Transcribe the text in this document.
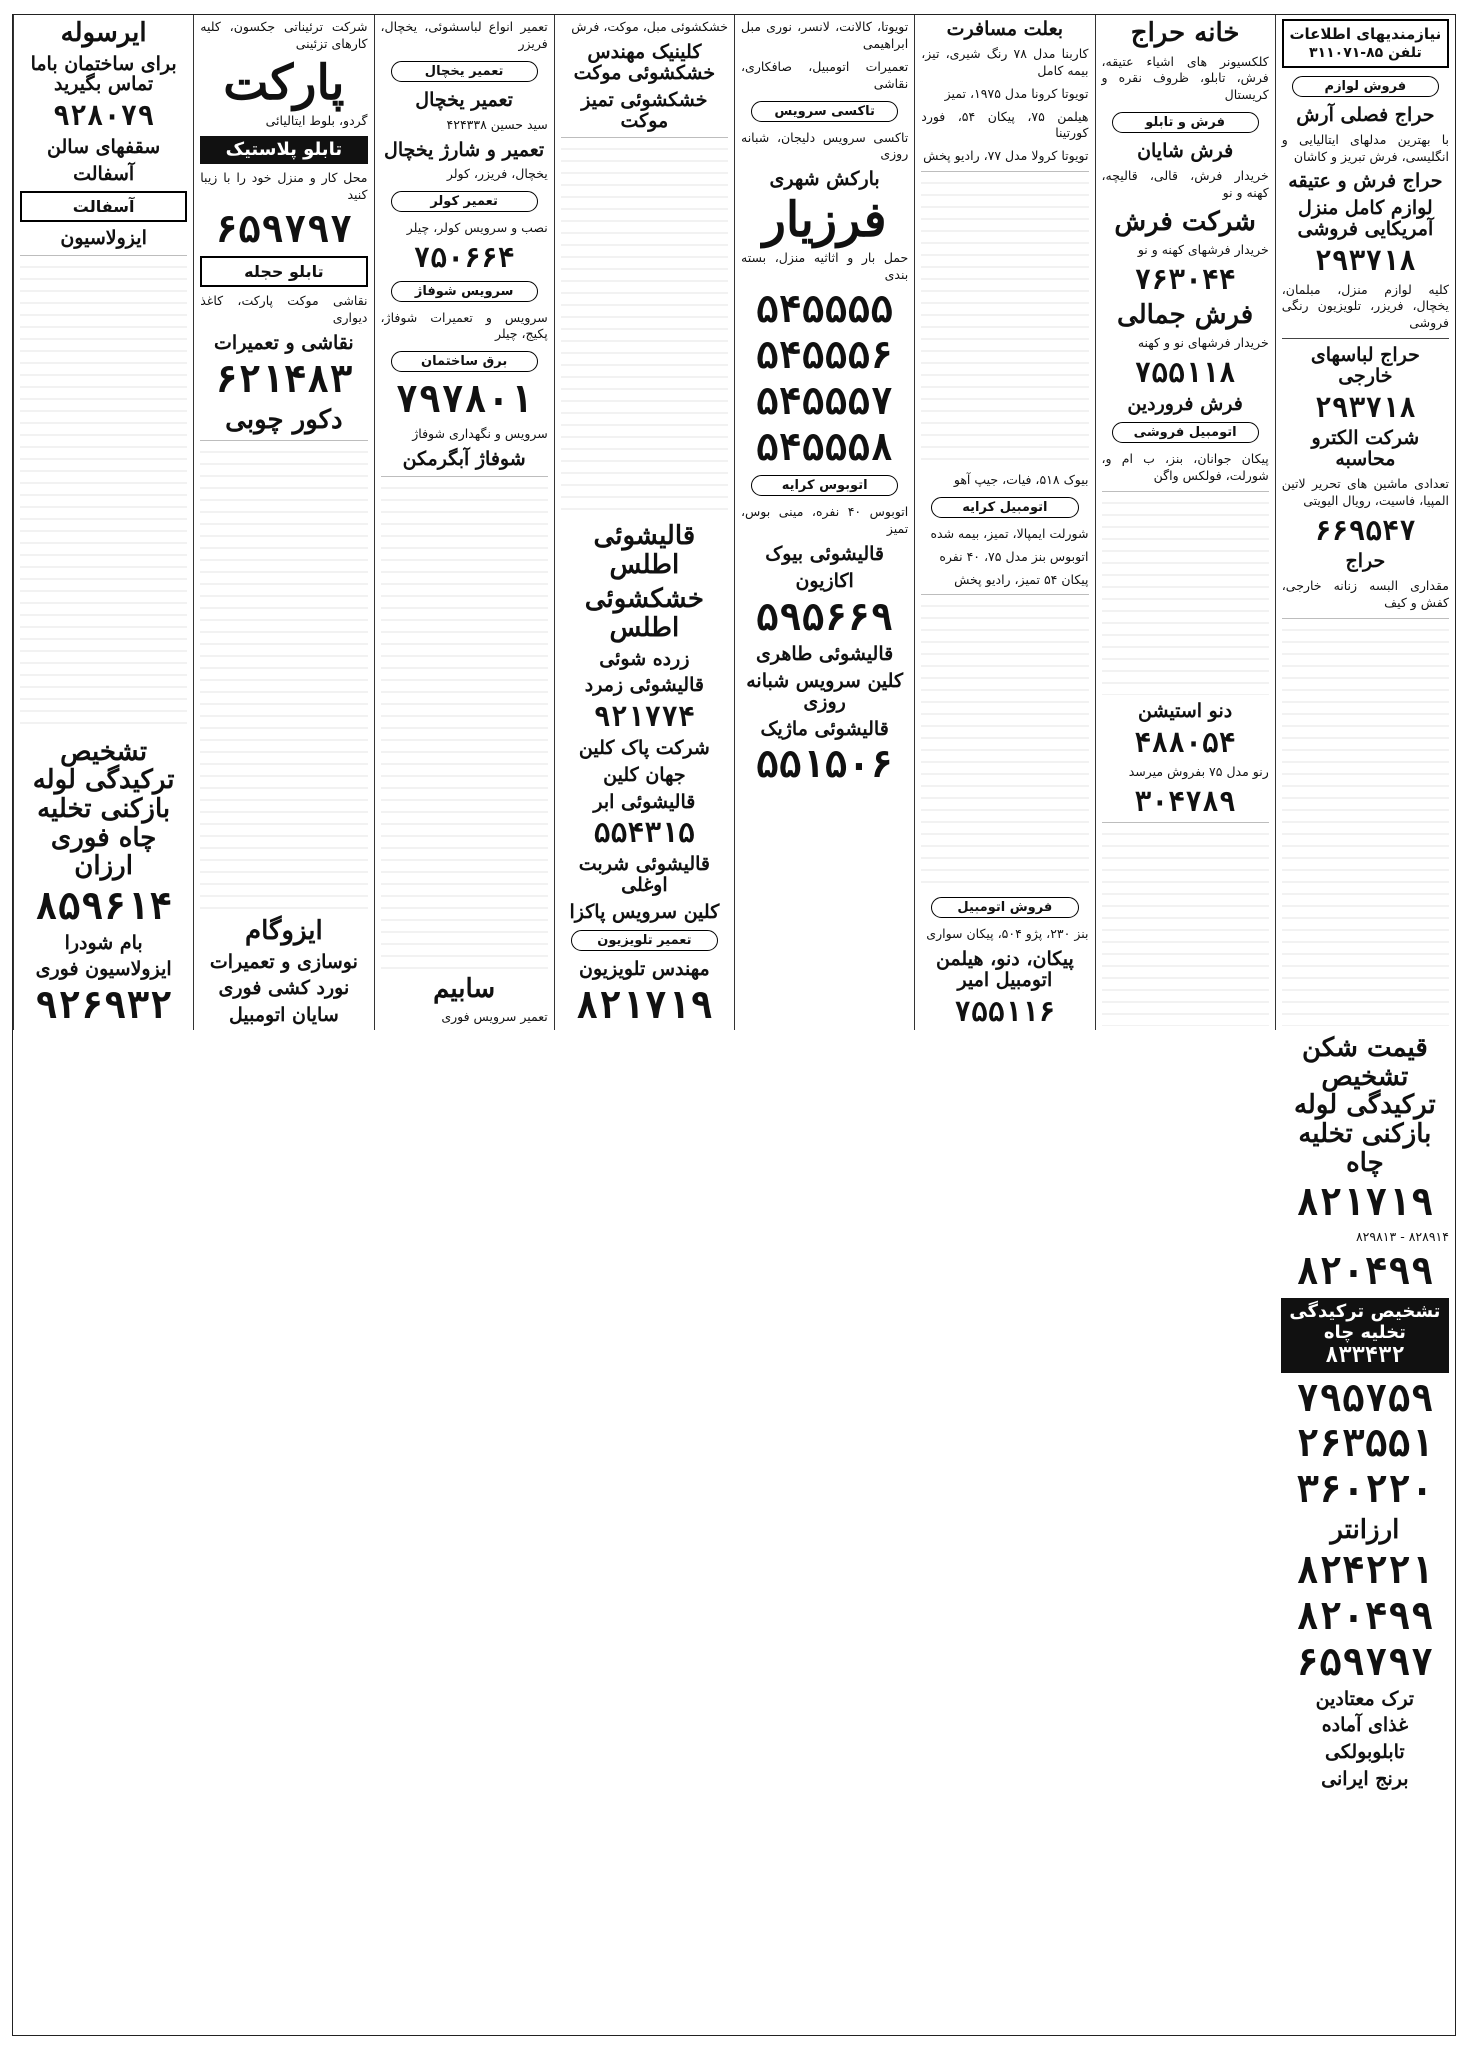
نیازمندیهای اطلاعات
تلفن ۸۵-۳۱۱۰۷۱
فروش لوازم
حراج فصلی آرش
با بهترین مدلهای ایتالیایی و انگلیسی، فرش تبریز و کاشان
حراج فرش و عتیقه
لوازم کامل منزل آمریکایی فروشی
۲۹۳۷۱۸
کلیه لوازم منزل، مبلمان، یخچال، فریزر، تلویزیون رنگی فروشی
حراج لباسهای خارجی
۲۹۳۷۱۸
شرکت الکترو محاسبه
تعدادی ماشین های تحریر لاتین المپیا، فاسیت، رویال الیویتی
۶۶۹۵۴۷
حراج
مقداری البسه زنانه خارجی، کفش و کیف
خانه حراج
کلکسیونر های اشیاء عتیقه، فرش، تابلو، ظروف نقره و کریستال
فرش و تابلو
فرش شایان
خریدار فرش، قالی، قالیچه، کهنه و نو
شرکت فرش
خریدار فرشهای کهنه و نو
۷۶۳۰۴۴
فرش جمالی
خریدار فرشهای نو و کهنه
۷۵۵۱۱۸
فرش فروردین
اتومبیل فروشی
پیکان جوانان، بنز، ب ام و، شورلت، فولکس واگن
دنو استیشن
۴۸۸۰۵۴
رنو مدل ۷۵ بفروش میرسد
۳۰۴۷۸۹
بعلت مسافرت
کاربنا مدل ۷۸ رنگ شیری، تیز، بیمه کامل
تویوتا کرونا مدل ۱۹۷۵، تمیز
هیلمن ۷۵، پیکان ۵۴، فورد کورتینا
تویوتا کرولا مدل ۷۷، رادیو پخش
بیوک ۵۱۸، فیات، جیپ آهو
اتومبیل کرایه
شورلت ایمپالا، تمیز، بیمه شده
اتوبوس بنز مدل ۷۵، ۴۰ نفره
پیکان ۵۴ تمیز، رادیو پخش
فروش اتومبیل
بنز ۲۳۰، پژو ۵۰۴، پیکان سواری
پیکان، دنو، هیلمن اتومبیل امیر
۷۵۵۱۱۶
تویوتا، کالانت، لانسر، نوری مبل ابراهیمی
تعمیرات اتومبیل، صافکاری، نقاشی
تاکسی سرویس
تاکسی سرویس دلیجان، شبانه روزی
بارکش شهری
فرزیار
حمل بار و اثاثیه منزل، بسته بندی
۵۴۵۵۵۵
۵۴۵۵۵۶
۵۴۵۵۵۷
۵۴۵۵۵۸
اتوبوس کرایه
اتوبوس ۴۰ نفره، مینی بوس، تمیز
قالیشوئی بیوک
اکازیون
۵۹۵۶۶۹
قالیشوئی طاهری
کلین سرویس شبانه روزی
قالیشوئی ماژیک
۵۵۱۵۰۶
خشکشوئی مبل، موکت، فرش
کلینیک مهندس خشکشوئی موکت
خشکشوئی تمیز موکت
قالیشوئی اطلس
خشکشوئی اطلس
زرده شوئی
قالیشوئی زمرد
۹۲۱۷۷۴
شرکت پاک کلین
جهان کلین
قالیشوئی ابر
۵۵۴۳۱۵
قالیشوئی شربت اوغلی
کلین سرویس پاکزا
تعمیر تلویزیون
مهندس تلویزیون
۸۲۱۷۱۹
تعمیر انواع لباسشوئی، یخچال، فریزر
تعمیر یخچال
تعمیر یخچال
سید حسین ۴۲۴۳۳۸
تعمیر و شارژ یخچال
یخچال، فریزر، کولر
تعمیر کولر
نصب و سرویس کولر، چیلر
۷۵۰۶۶۴
سرویس شوفاژ
سرویس و تعمیرات شوفاژ، پکیج، چیلر
برق ساختمان
۷۹۷۸۰۱
سرویس و نگهداری شوفاژ
شوفاژ آبگرمکن
سابیم
تعمیر سرویس فوری
شرکت ترئیناتی جکسون، کلیه کارهای تزئینی
پارکت
گردو، بلوط ایتالیائی
تابلو پلاستیک
محل کار و منزل خود را با زیبا کنید
۶۵۹۷۹۷
تابلو حجله
نقاشی موکت پارکت، کاغذ دیواری
نقاشی و تعمیرات
۶۲۱۴۸۳
دکور چوبی
ایزوگام
نوسازی و تعمیرات
نورد کشی فوری
سایان اتومبیل
ایرسوله
برای ساختمان باما تماس بگیرید
۹۲۸۰۷۹
سقفهای سالن
آسفالت
آسفالت
ایزولاسیون
تشخیص ترکیدگی لوله بازکنی تخلیه چاه فوری ارزان
۸۵۹۶۱۴
بام شودرا
ایزولاسیون فوری
۹۲۶۹۳۲
قیمت شکن تشخیص ترکیدگی لوله بازکنی تخلیه چاه
۸۲۱۷۱۹
۸۲۸۹۱۴ - ۸۲۹۸۱۳
۸۲۰۴۹۹
تشخیص ترکیدگی تخلیه چاه
۸۳۳۴۳۲
۷۹۵۷۵۹
۲۶۳۵۵۱
۳۶۰۲۲۰
ارزانتر
۸۲۴۲۲۱
۸۲۰۴۹۹
۶۵۹۷۹۷
ترک معتادین
غذای آماده
تابلوبولکی
برنج ایرانی
